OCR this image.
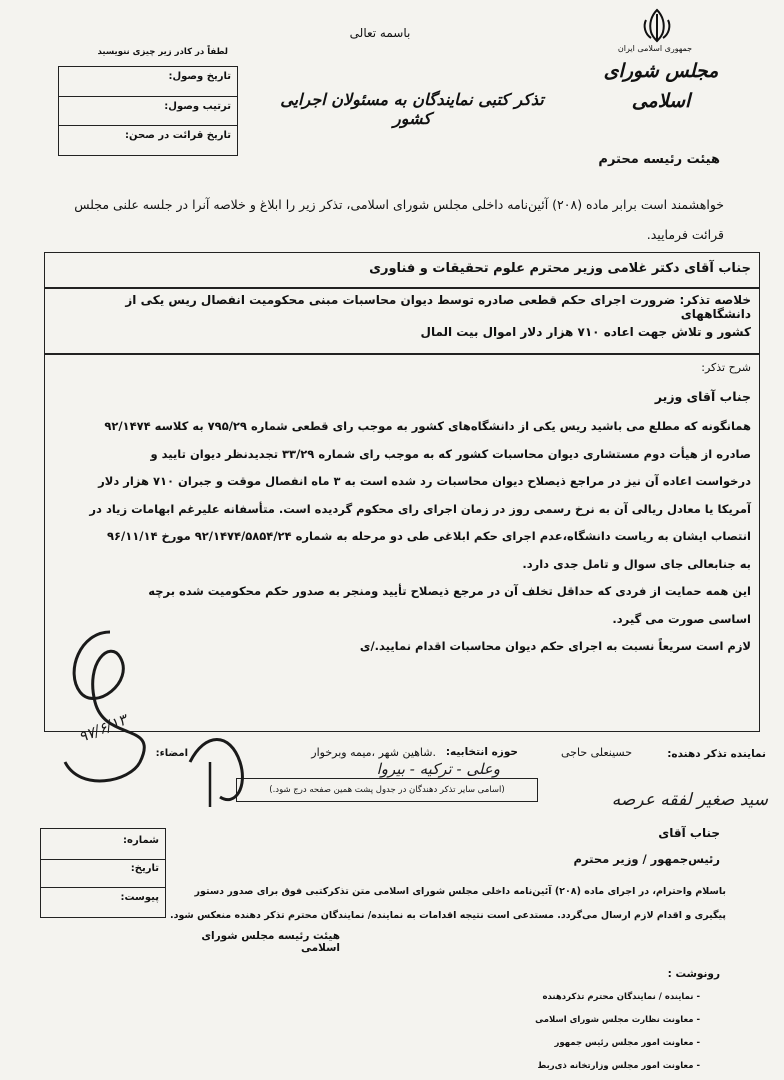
باسمه تعالی
لطفاً در کادر زیر چیزی ننویسید
تاریخ وصول:
ترتیب وصول:
تاریخ قرائت در صحن:
تذکر کتبی نمایندگان به مسئولان اجرایی کشور
جمهوری اسلامی ایران
مجلس شورای اسلامی
هیئت رئیسه محترم
خواهشمند است برابر ماده (۲۰۸) آئین‌نامه داخلی مجلس شورای اسلامی، تذکر زیر را ابلاغ و خلاصه آنرا در جلسه علنی مجلس قرائت فرمایید.
جناب آقای دکتر غلامی وزیر محترم علوم تحقیقات و فناوری
خلاصه تذکر: ضرورت اجرای حکم قطعی صادره توسط دیوان محاسبات مبنی محکومیت انفصال ریس یکی از دانشگاههای
کشور و تلاش جهت اعاده ۷۱۰ هزار دلار اموال بیت المال
شرح تذکر:
جناب آقای وزیر
همانگونه که مطلع می باشید ریس یکی از دانشگاه‌های کشور به موجب رای قطعی شماره ۷۹۵/۲۹ به کلاسه ۹۲/۱۴۷۴
صادره از هیأت دوم مستشاری دیوان محاسبات کشور که به موجب رای شماره ۳۳/۲۹ تجدیدنظر دیوان تایید و
درخواست اعاده آن نیز در مراجع ذیصلاح دیوان محاسبات رد شده است به ۳ ماه انفصال موقت و جبران ۷۱۰ هزار دلار
آمریکا یا معادل ریالی آن به نرخ رسمی روز در زمان اجرای رای محکوم گردیده است. متأسفانه علیرغم ابهامات زیاد در
انتصاب ایشان به ریاست دانشگاه،عدم اجرای حکم ابلاغی طی دو مرحله به شماره ۹۲/۱۴۷۴/۵۸۵۴/۲۴ مورخ ۹۶/۱۱/۱۴
به جنابعالی جای سوال و تامل جدی دارد.
این همه حمایت از فردی که حداقل تخلف آن در مرجع ذیصلاح تأیید ومنجر به صدور حکم محکومیت شده برچه
اساسی صورت می گیرد.
لازم است سریعاً نسبت به اجرای حکم دیوان محاسبات اقدام نمایید./ی
نماینده تذکر دهنده:
حسینعلی حاجی
حوزه انتخابیه:
.شاهین شهر ،میمه وبرخوار
امضاء:
وعلی - ترکیه - بیروا
(اسامی سایر تذکر دهندگان در جدول پشت همین صفحه درج شود.)	سید صغیر لفقه عرصه
۹۷/۶/۱۳
جناب آقای
رئیس‌جمهور / وزیر محترم
شماره:
تاریخ:
پیوست:
باسلام واحترام، در اجرای ماده (۲۰۸) آئین‌نامه داخلی مجلس شورای اسلامی متن تذکرکتبی فوق برای صدور دستور
پیگیری و اقدام لازم ارسال می‌گردد. مستدعی است نتیجه اقدامات به نماینده/ نمایندگان محترم تذکر دهنده منعکس شود.
هیئت رئیسه مجلس شورای اسلامی
رونوشت :
- نماینده / نمایندگان محترم تذکردهنده
- معاونت نظارت مجلس شورای اسلامی
- معاونت امور مجلس رئیس جمهور
- معاونت امور مجلس وزارتخانه ذی‌ربط
